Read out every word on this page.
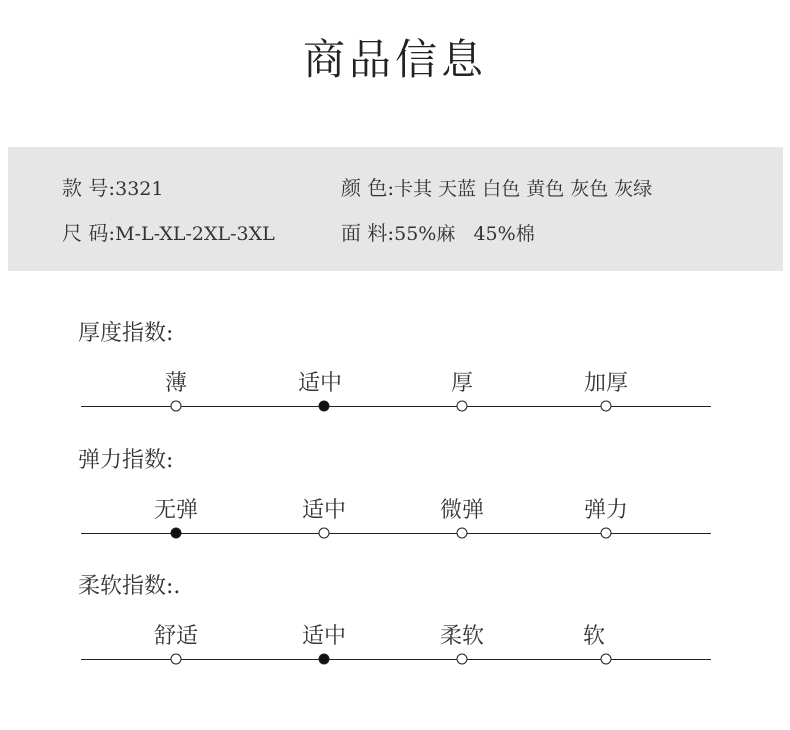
商品信息
款 号:3321	颜 色:卡其 天蓝 白色 黄色 灰色 灰绿
尺 码:M-L-XL-2XL-3XL	面 料:55%麻   45%棉
厚度指数:
薄	适中	厚	加厚
弹力指数:
无弹	适中	微弹	弹力
柔软指数:.
舒适	适中	柔软	软
